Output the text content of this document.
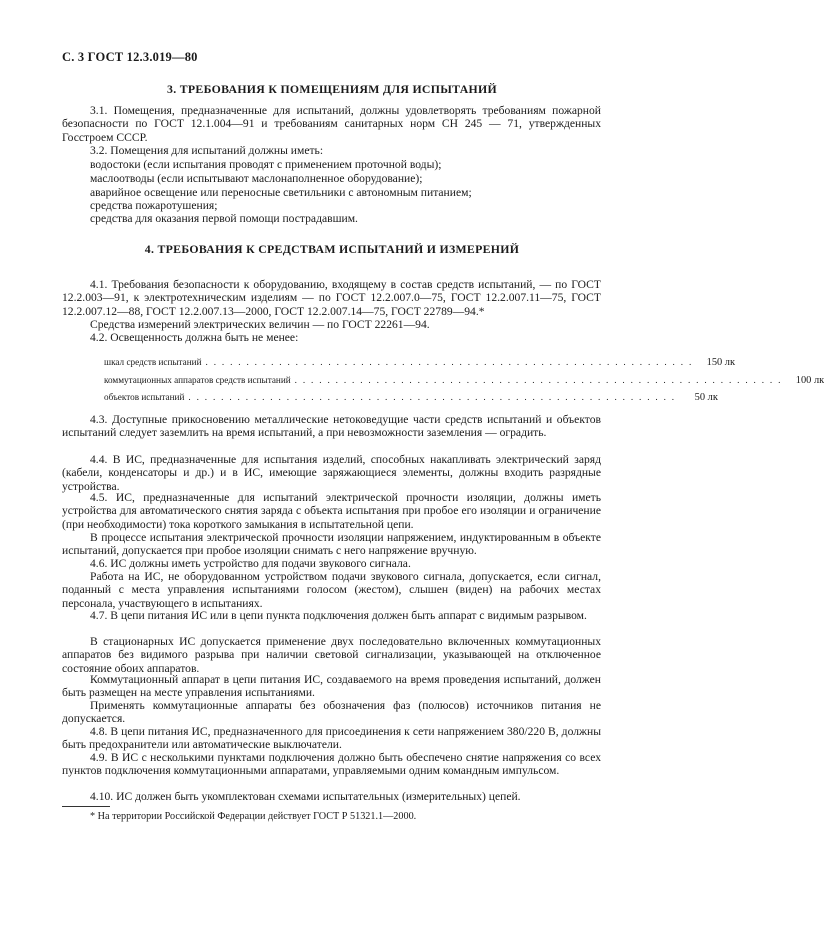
С. 3 ГОСТ 12.3.019—80
3. ТРЕБОВАНИЯ К ПОМЕЩЕНИЯМ ДЛЯ ИСПЫТАНИЙ
3.1. Помещения, предназначенные для испытаний, должны удовлетворять требованиям пожарной безопасности по ГОСТ 12.1.004—91 и требованиям санитарных норм СН 245 — 71, утвержденных Госстроем СССР.
3.2. Помещения для испытаний должны иметь:
водостоки (если испытания проводят с применением проточной воды);
маслоотводы (если испытывают маслонаполненное оборудование);
аварийное освещение или переносные светильники с автономным питанием;
средства пожаротушения;
средства для оказания первой помощи пострадавшим.
4. ТРЕБОВАНИЯ К СРЕДСТВАМ ИСПЫТАНИЙ И ИЗМЕРЕНИЙ
4.1. Требования безопасности к оборудованию, входящему в состав средств испытаний, — по ГОСТ 12.2.003—91, к электротехническим изделиям — по ГОСТ 12.2.007.0—75, ГОСТ 12.2.007.11—75, ГОСТ 12.2.007.12—88, ГОСТ 12.2.007.13—2000, ГОСТ 12.2.007.14—75, ГОСТ 22789—94.*
Средства измерений электрических величин — по ГОСТ 22261—94.
4.2. Освещенность должна быть не менее:
шкал средств испытаний . . . . . . . . . . . . . . . . . . . . . . . . . . . . . . . . . . . . . . . . . . . . . . . . . . . . . . . . . . . .	150 лк
коммутационных аппаратов средств испытаний . . . . . . . . . . . . . . . . . . . . . . . . . . . . . . . . . . . . . . . . . . . . . . . . . . . . . . . . . . . .	100 лк
объектов испытаний . . . . . . . . . . . . . . . . . . . . . . . . . . . . . . . . . . . . . . . . . . . . . . . . . . . . . . . . . . . .	50 лк
4.3. Доступные прикосновению металлические нетоковедущие части средств испытаний и объектов испытаний следует заземлить на время испытаний, а при невозможности заземления — оградить.
4.4. В ИС, предназначенные для испытания изделий, способных накапливать электрический заряд (кабели, конденсаторы и др.) и в ИС, имеющие заряжающиеся элементы, должны входить разрядные устройства.
4.5. ИС, предназначенные для испытаний электрической прочности изоляции, должны иметь устройства для автоматического снятия заряда с объекта испытания при пробое его изоляции и ограничение (при необходимости) тока короткого замыкания в испытательной цепи.
В процессе испытания электрической прочности изоляции напряжением, индуктированным в объекте испытаний, допускается при пробое изоляции снимать с него напряжение вручную.
4.6. ИС должны иметь устройство для подачи звукового сигнала.
Работа на ИС, не оборудованном устройством подачи звукового сигнала, допускается, если сигнал, поданный с места управления испытаниями голосом (жестом), слышен (виден) на рабочих местах персонала, участвующего в испытаниях.
4.7. В цепи питания ИС или в цепи пункта подключения должен быть аппарат с видимым разрывом.
В стационарных ИС допускается применение двух последовательно включенных коммутационных аппаратов без видимого разрыва при наличии световой сигнализации, указывающей на отключенное состояние обоих аппаратов.
Коммутационный аппарат в цепи питания ИС, создаваемого на время проведения испытаний, должен быть размещен на месте управления испытаниями.
Применять коммутационные аппараты без обозначения фаз (полюсов) источников питания не допускается.
4.8. В цепи питания ИС, предназначенного для присоединения к сети напряжением 380/220 В, должны быть предохранители или автоматические выключатели.
4.9. В ИС с несколькими пунктами подключения должно быть обеспечено снятие напряжения со всех пунктов подключения коммутационными аппаратами, управляемыми одним командным импульсом.
4.10. ИС должен быть укомплектован схемами испытательных (измерительных) цепей.
* На территории Российской Федерации действует ГОСТ Р 51321.1—2000.
